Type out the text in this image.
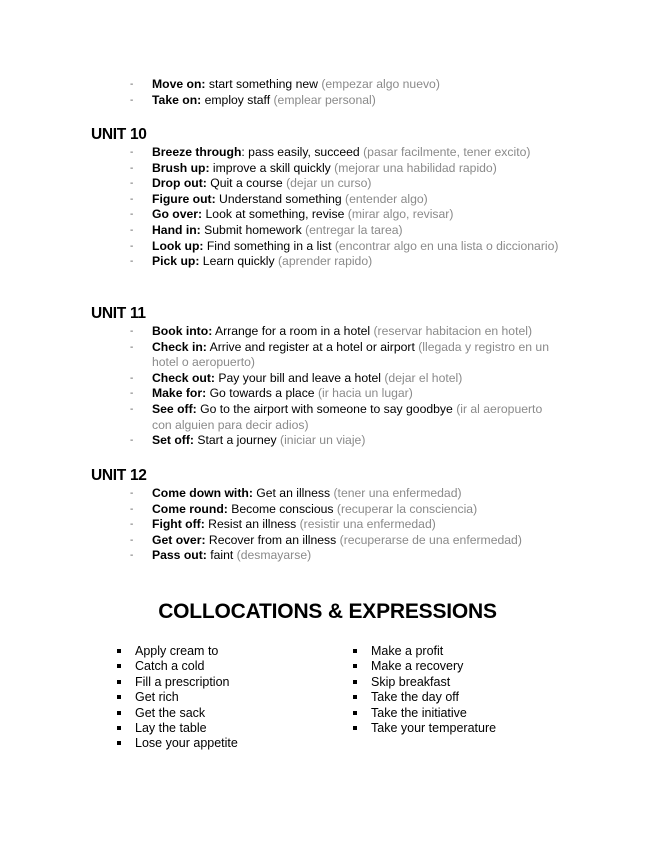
- Move on: start something new (empezar algo nuevo)
- Take on: employ staff (emplear personal)
UNIT 10
- Breeze through: pass easily, succeed (pasar facilmente, tener excito)
- Brush up: improve a skill quickly (mejorar una habilidad rapido)
- Drop out: Quit a course (dejar un curso)
- Figure out: Understand something (entender algo)
- Go over: Look at something, revise (mirar algo, revisar)
- Hand in: Submit homework (entregar la tarea)
- Look up: Find something in a list (encontrar algo en una lista o diccionario)
- Pick up: Learn quickly (aprender rapido)
UNIT 11
- Book into: Arrange for a room in a hotel (reservar habitacion en hotel)
- Check in: Arrive and register at a hotel or airport (llegada y registro en un hotel o aeropuerto)
- Check out: Pay your bill and leave a hotel (dejar el hotel)
- Make for: Go towards a place (ir hacia un lugar)
- See off: Go to the airport with someone to say goodbye (ir al aeropuerto con alguien para decir adios)
- Set off: Start a journey (iniciar un viaje)
UNIT 12
- Come down with: Get an illness (tener una enfermedad)
- Come round: Become conscious (recuperar la consciencia)
- Fight off: Resist an illness (resistir una enfermedad)
- Get over: Recover from an illness (recuperarse de una enfermedad)
- Pass out: faint (desmayarse)
COLLOCATIONS & EXPRESSIONS
Apply cream to
Catch a cold
Fill a prescription
Get rich
Get the sack
Lay the table
Lose your appetite
Make a profit
Make a recovery
Skip breakfast
Take the day off
Take the initiative
Take your temperature
